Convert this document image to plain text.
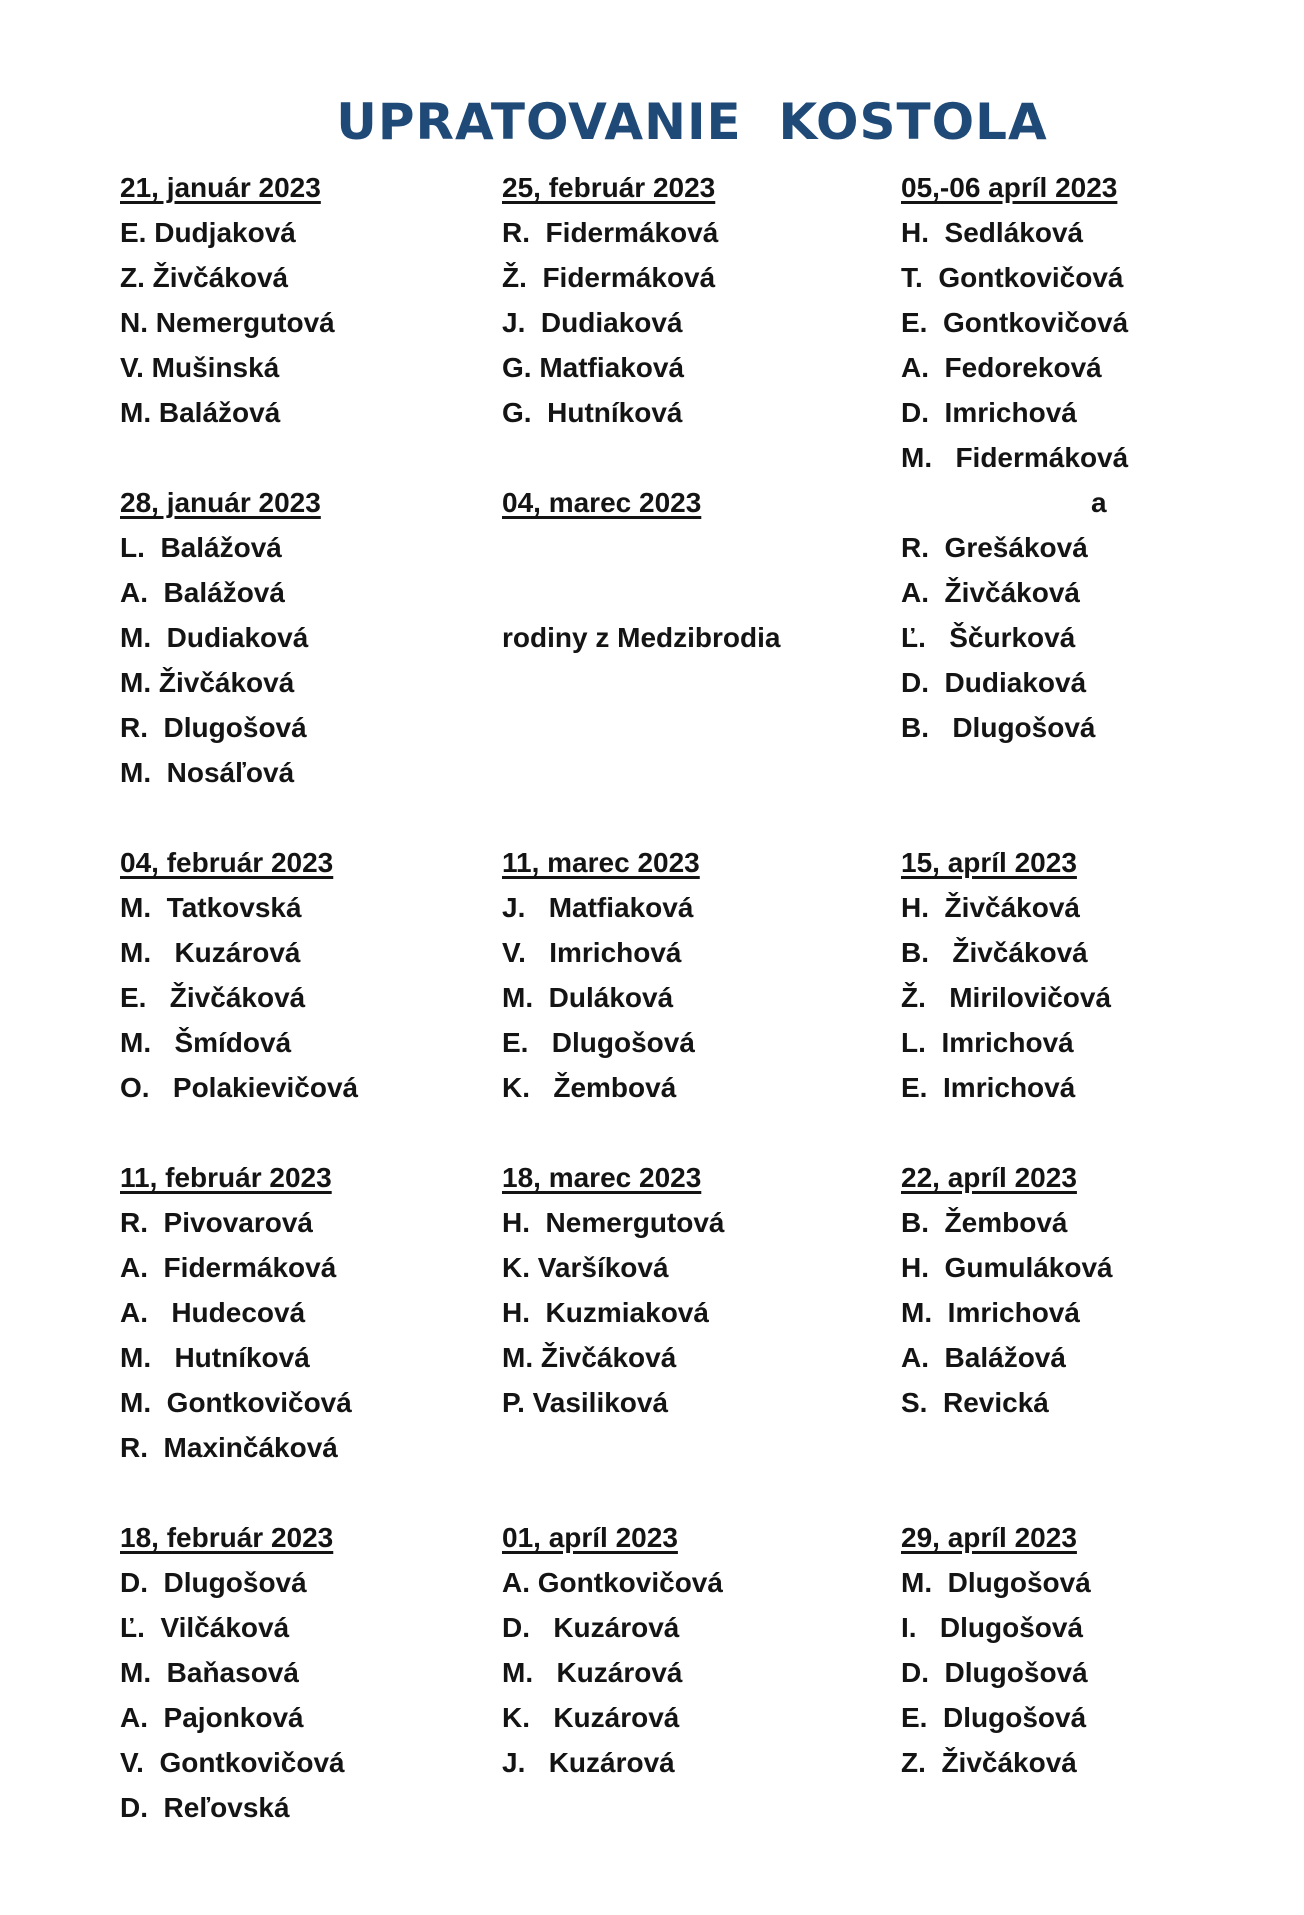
UPRATOVANIE  KOSTOLA
21, január 2023
E. Dudjaková
Z. Živčáková
N. Nemergutová
V. Mušinská
M. Balážová
28, január 2023
L.  Balážová
A.  Balážová
M.  Dudiaková
M. Živčáková
R.  Dlugošová
M.  Nosáľová
04, február 2023
M.  Tatkovská
M.   Kuzárová
E.   Živčáková
M.   Šmídová
O.   Polakievičová
11, február 2023
R.  Pivovarová
A.  Fidermáková
A.   Hudecová
M.   Hutníková
M.  Gontkovičová
R.  Maxinčáková
18, február 2023
D.  Dlugošová
Ľ.  Vilčáková
M.  Baňasová
A.  Pajonková
V.  Gontkovičová
D.  Reľovská
25, február 2023
R.  Fidermáková
Ž.  Fidermáková
J.  Dudiaková
G. Matfiaková
G.  Hutníková
04, marec 2023
rodiny z Medzibrodia
11, marec 2023
J.   Matfiaková
V.   Imrichová
M.  Duláková
E.   Dlugošová
K.   Žembová
18, marec 2023
H.  Nemergutová
K. Varšíková
H.  Kuzmiaková
M. Živčáková
P. Vasiliková
01, apríl 2023
A. Gontkovičová
D.   Kuzárová
M.   Kuzárová
K.   Kuzárová
J.   Kuzárová
05,-06 apríl 2023
H.  Sedláková
T.  Gontkovičová
E.  Gontkovičová
A.  Fedoreková
D.  Imrichová
M.   Fidermáková
a
R.  Grešáková
A.  Živčáková
Ľ.   Ščurková
D.  Dudiaková
B.   Dlugošová
15, apríl 2023
H.  Živčáková
B.   Živčáková
Ž.   Mirilovičová
L.  Imrichová
E.  Imrichová
22, apríl 2023
B.  Žembová
H.  Gumuláková
M.  Imrichová
A.  Balážová
S.  Revická
29, apríl 2023
M.  Dlugošová
I.   Dlugošová
D.  Dlugošová
E.  Dlugošová
Z.  Živčáková
